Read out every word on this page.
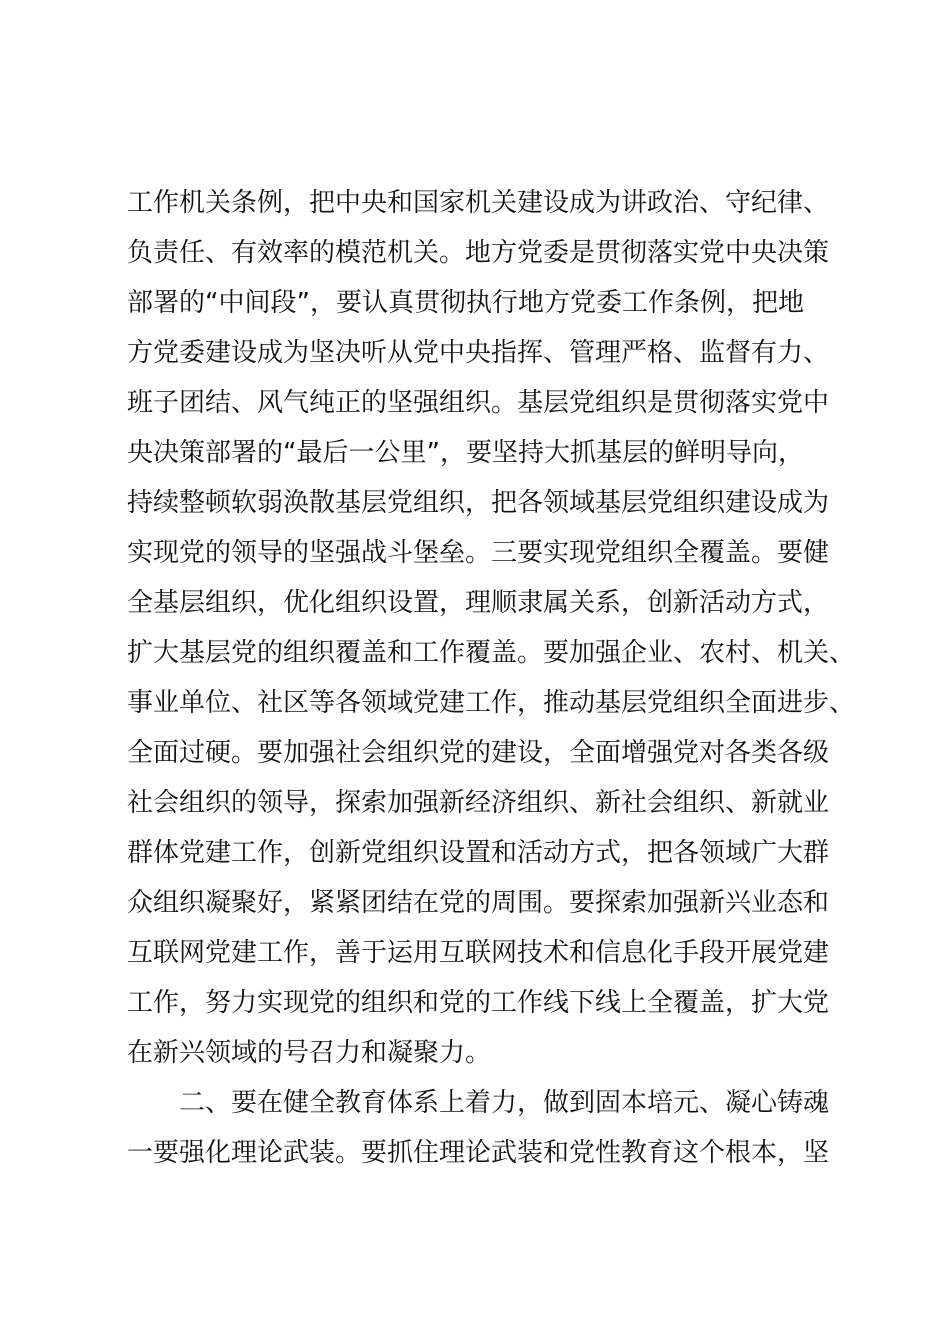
工作机关条例，把中央和国家机关建设成为讲政治、守纪律、
负责任、有效率的模范机关。地方党委是贯彻落实党中央决策
部署的“中间段”，要认真贯彻执行地方党委工作条例，把地
方党委建设成为坚决听从党中央指挥、管理严格、监督有力、
班子团结、风气纯正的坚强组织。基层党组织是贯彻落实党中
央决策部署的“最后一公里”，要坚持大抓基层的鲜明导向，
持续整顿软弱涣散基层党组织，把各领域基层党组织建设成为
实现党的领导的坚强战斗堡垒。三要实现党组织全覆盖。要健
全基层组织，优化组织设置，理顺隶属关系，创新活动方式，
扩大基层党的组织覆盖和工作覆盖。要加强企业、农村、机关、
事业单位、社区等各领域党建工作，推动基层党组织全面进步、
全面过硬。要加强社会组织党的建设，全面增强党对各类各级
社会组织的领导，探索加强新经济组织、新社会组织、新就业
群体党建工作，创新党组织设置和活动方式，把各领域广大群
众组织凝聚好，紧紧团结在党的周围。要探索加强新兴业态和
互联网党建工作，善于运用互联网技术和信息化手段开展党建
工作，努力实现党的组织和党的工作线下线上全覆盖，扩大党
在新兴领域的号召力和凝聚力。
二、要在健全教育体系上着力，做到固本培元、凝心铸魂
一要强化理论武装。要抓住理论武装和党性教育这个根本，坚
